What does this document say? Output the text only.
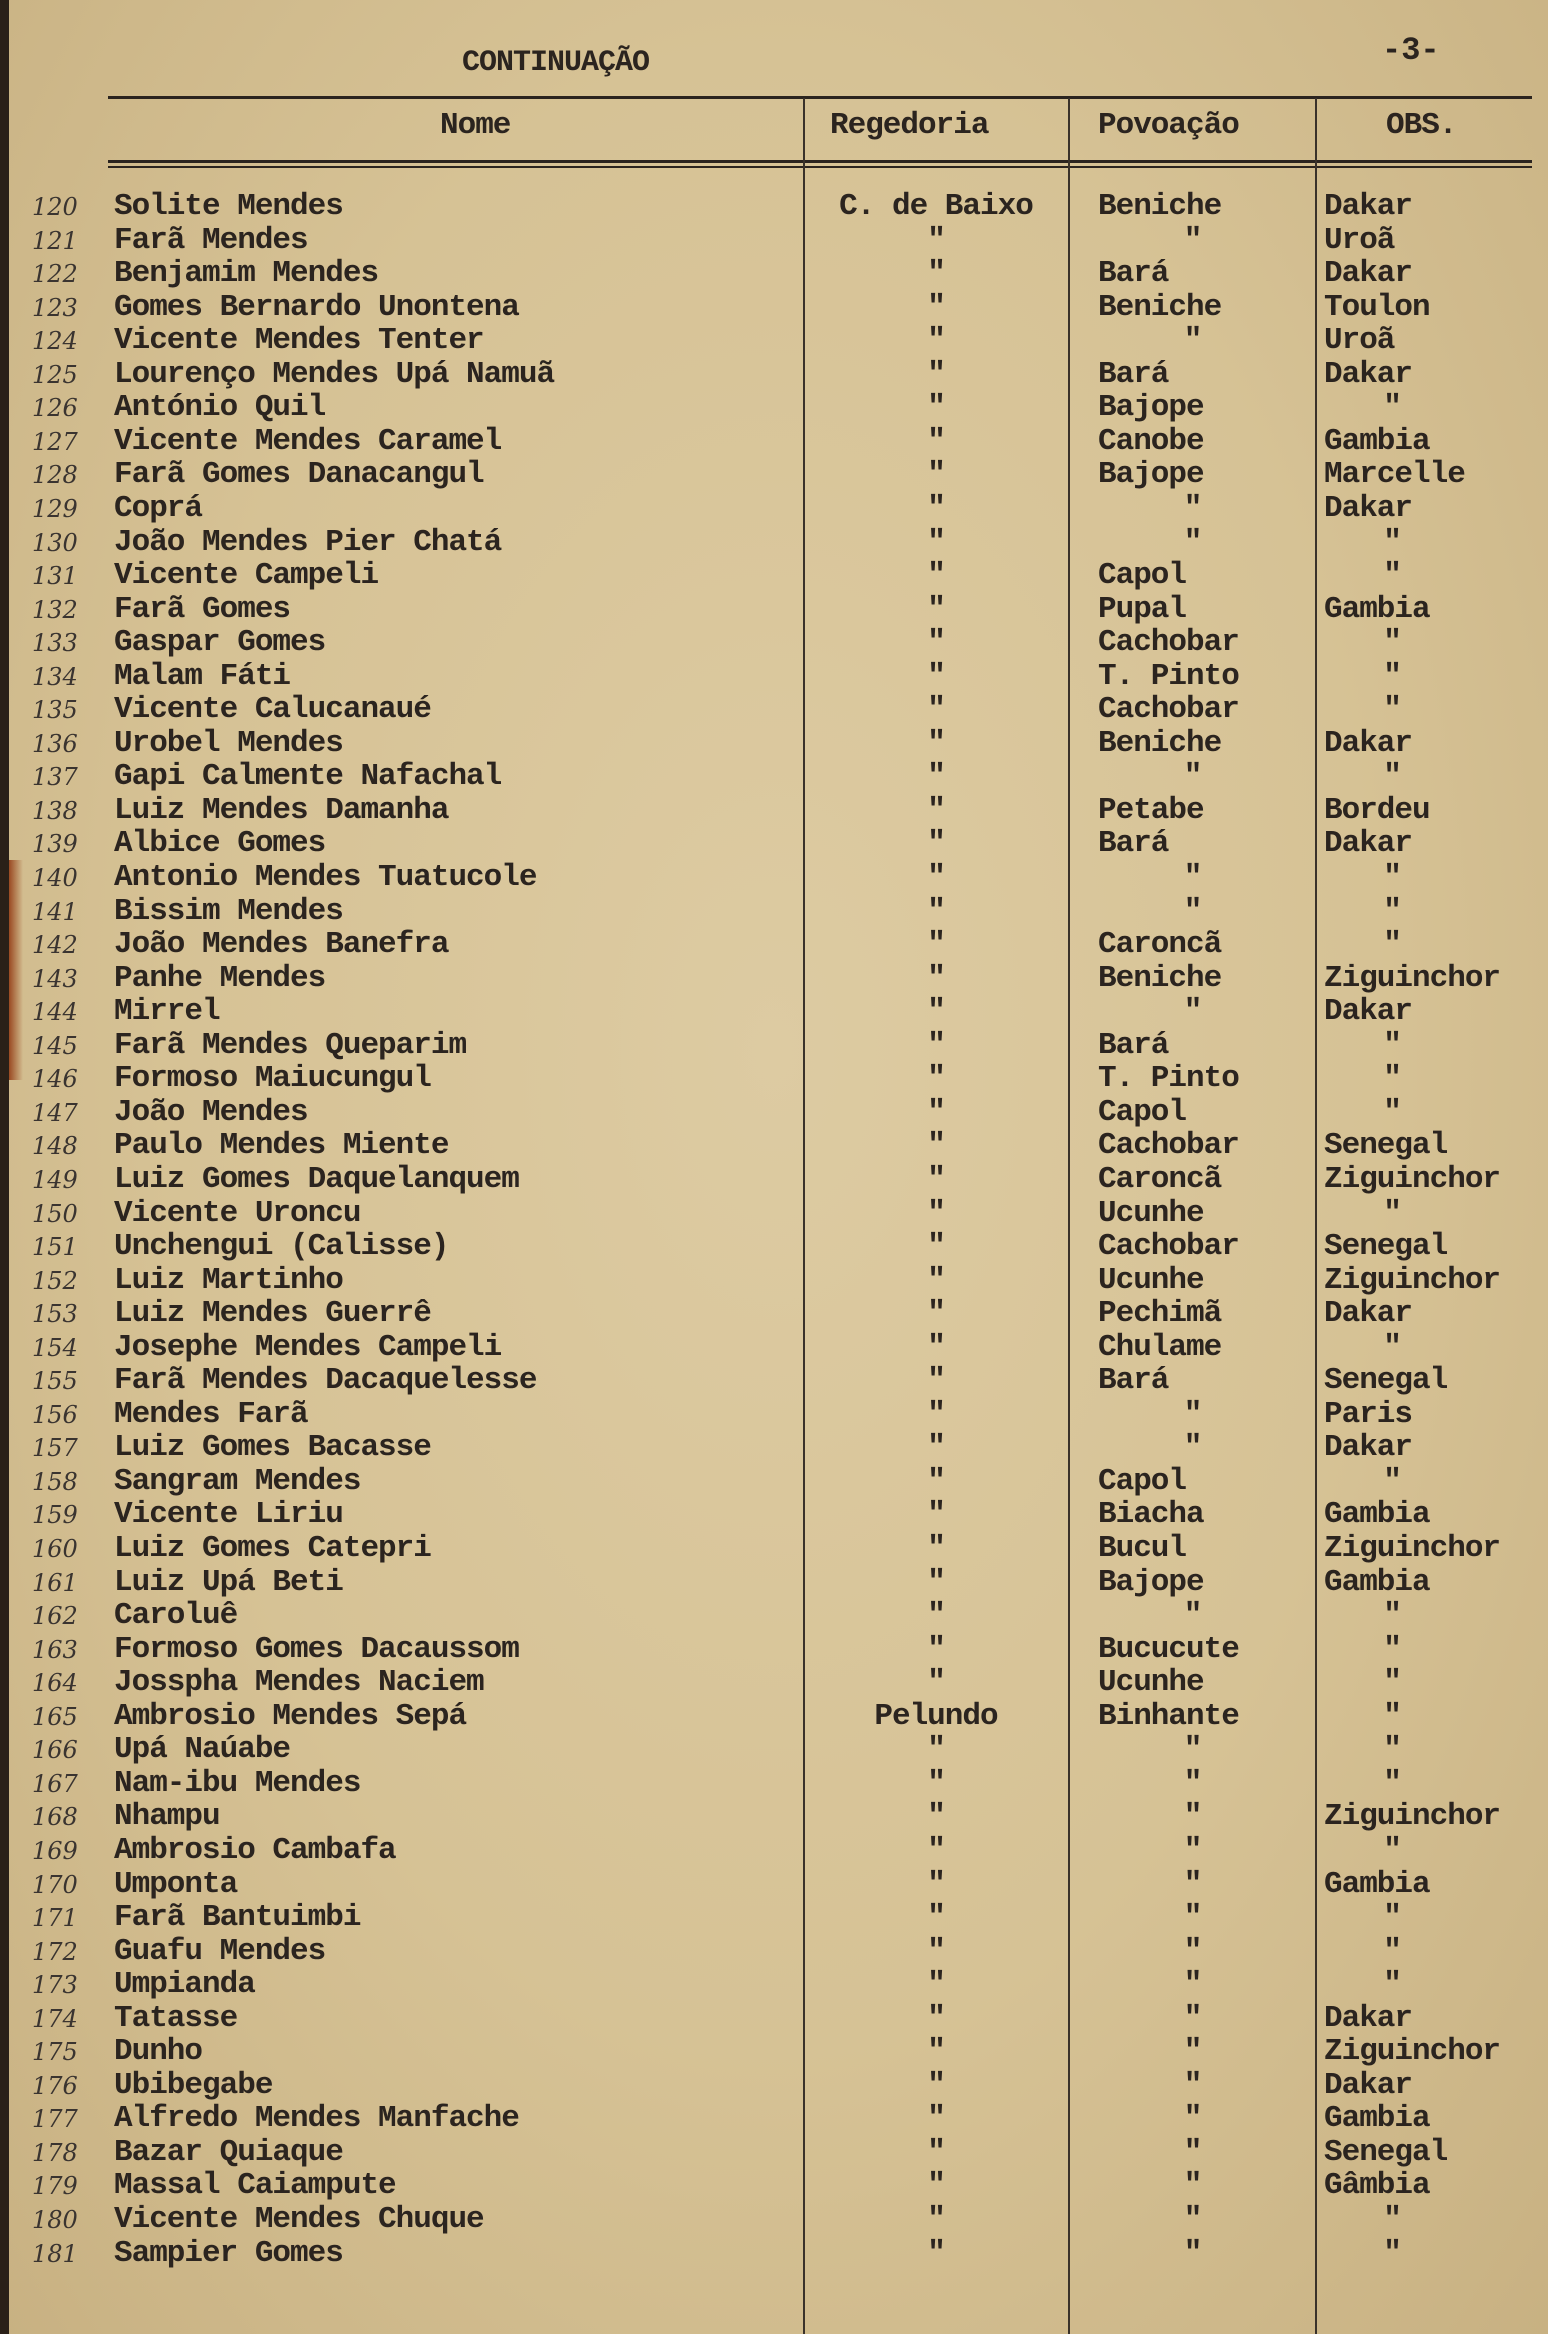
CONTINUAÇÃO	-3-
Nome	Regedoria	Povoação	OBS.
120	Solite Mendes	C. de Baixo	Beniche	Dakar
121	Farã Mendes	"	"	Uroã
122	Benjamim Mendes	"	Bará	Dakar
123	Gomes Bernardo Unontena	"	Beniche	Toulon
124	Vicente Mendes Tenter	"	"	Uroã
125	Lourenço Mendes Upá Namuã	"	Bará	Dakar
126	António Quil	"	Bajope	"
127	Vicente Mendes Caramel	"	Canobe	Gambia
128	Farã Gomes Danacangul	"	Bajope	Marcelle
129	Coprá	"	"	Dakar
130	João Mendes Pier Chatá	"	"	"
131	Vicente Campeli	"	Capol	"
132	Farã Gomes	"	Pupal	Gambia
133	Gaspar Gomes	"	Cachobar	"
134	Malam Fáti	"	T. Pinto	"
135	Vicente Calucanaué	"	Cachobar	"
136	Urobel Mendes	"	Beniche	Dakar
137	Gapi Calmente Nafachal	"	"	"
138	Luiz Mendes Damanha	"	Petabe	Bordeu
139	Albice Gomes	"	Bará	Dakar
140	Antonio Mendes Tuatucole	"	"	"
141	Bissim Mendes	"	"	"
142	João Mendes Banefra	"	Caroncã	"
143	Panhe Mendes	"	Beniche	Ziguinchor
144	Mirrel	"	"	Dakar
145	Farã Mendes Queparim	"	Bará	"
146	Formoso Maiucungul	"	T. Pinto	"
147	João Mendes	"	Capol	"
148	Paulo Mendes Miente	"	Cachobar	Senegal
149	Luiz Gomes Daquelanquem	"	Caroncã	Ziguinchor
150	Vicente Uroncu	"	Ucunhe	"
151	Unchengui (Calisse)	"	Cachobar	Senegal
152	Luiz Martinho	"	Ucunhe	Ziguinchor
153	Luiz Mendes Guerrê	"	Pechimã	Dakar
154	Josephe Mendes Campeli	"	Chulame	"
155	Farã Mendes Dacaquelesse	"	Bará	Senegal
156	Mendes Farã	"	"	Paris
157	Luiz Gomes Bacasse	"	"	Dakar
158	Sangram Mendes	"	Capol	"
159	Vicente Liriu	"	Biacha	Gambia
160	Luiz Gomes Catepri	"	Bucul	Ziguinchor
161	Luiz Upá Beti	"	Bajope	Gambia
162	Caroluê	"	"	"
163	Formoso Gomes Dacaussom	"	Bucucute	"
164	Josspha Mendes Naciem	"	Ucunhe	"
165	Ambrosio Mendes Sepá	Pelundo	Binhante	"
166	Upá Naúabe	"	"	"
167	Nam-ibu Mendes	"	"	"
168	Nhampu	"	"	Ziguinchor
169	Ambrosio Cambafa	"	"	"
170	Umponta	"	"	Gambia
171	Farã Bantuimbi	"	"	"
172	Guafu Mendes	"	"	"
173	Umpianda	"	"	"
174	Tatasse	"	"	Dakar
175	Dunho	"	"	Ziguinchor
176	Ubibegabe	"	"	Dakar
177	Alfredo Mendes Manfache	"	"	Gambia
178	Bazar Quiaque	"	"	Senegal
179	Massal Caiampute	"	"	Gâmbia
180	Vicente Mendes Chuque	"	"	"
181	Sampier Gomes	"	"	"
